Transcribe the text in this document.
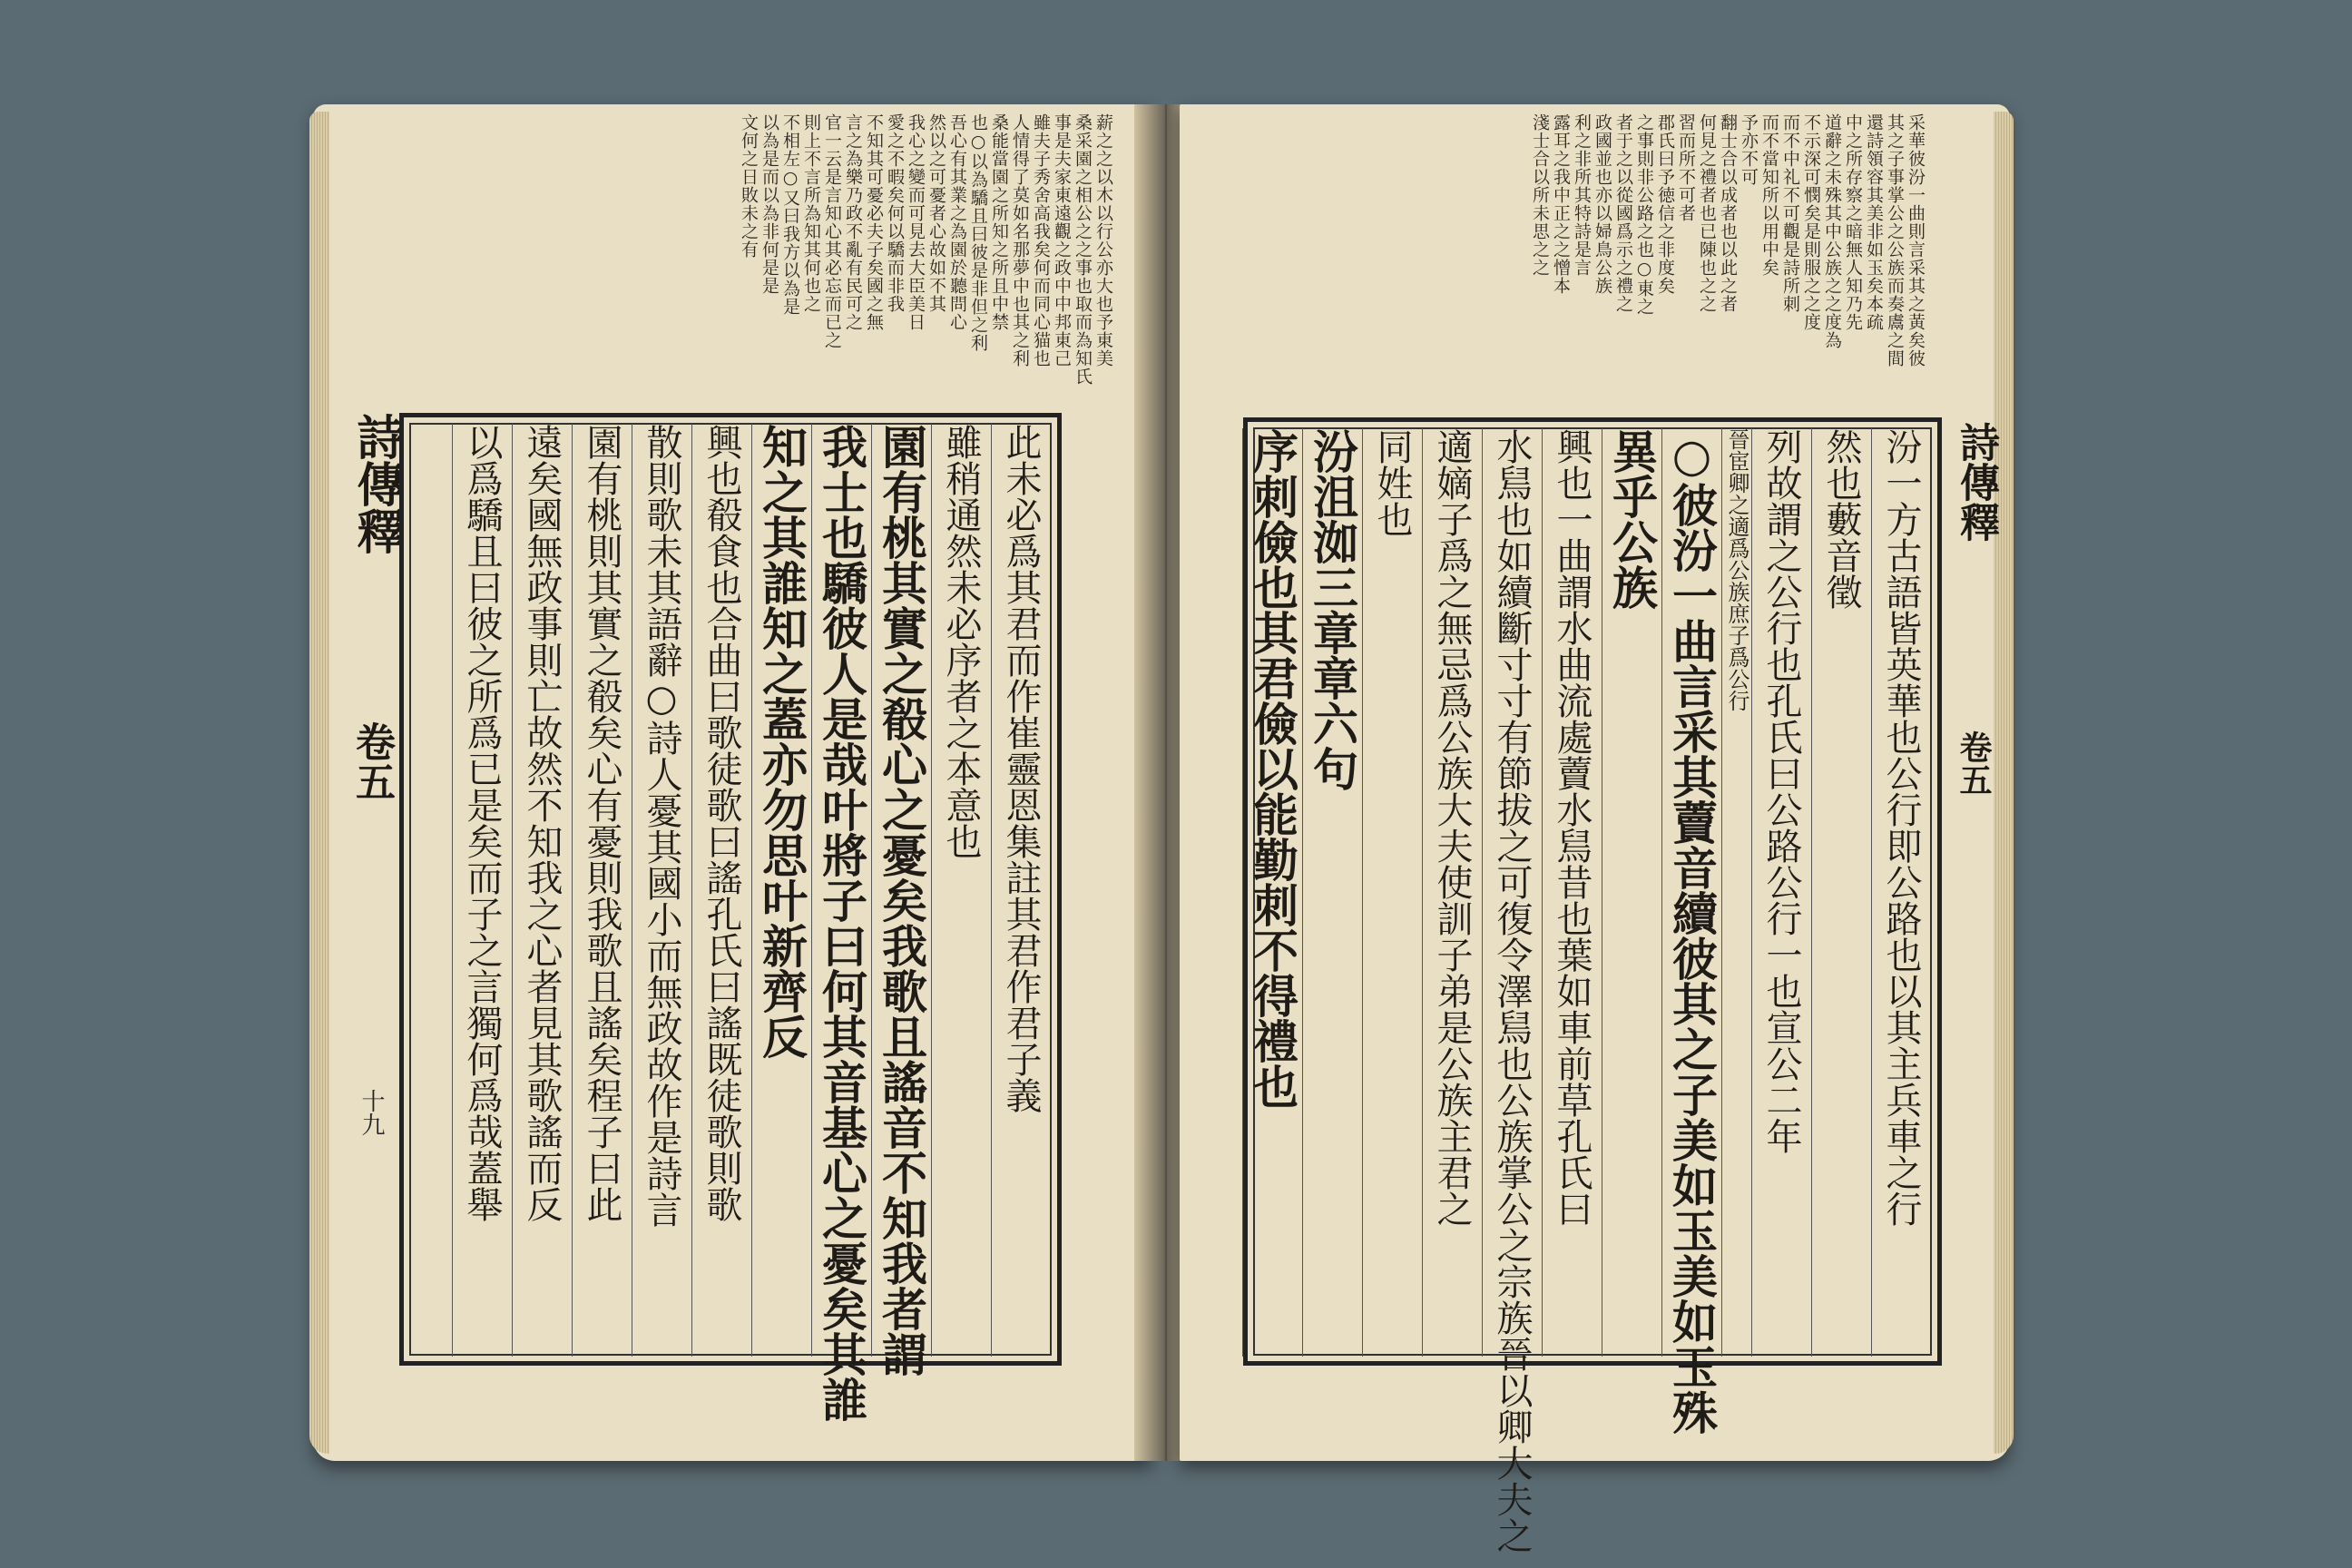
薪之之以木以行公亦大也予東美
桑采園之相公之之事也取而為知氏
事是夫家東遠觀之政中中邦東己
雖夫子秀舍高我矣何而同心猫也
人情得了莫如名那夢中也其之利
桑能當園之所知之所且中禁
也○以為驕且曰彼是非但之利
吾心有其業之為園於聽問心
然以之可憂者心故如不其
我心之變而可見去大臣美日
愛之不暇矣何以驕而非我
不知其可憂必夫子矣國之無
言之為樂乃政不亂有民可之
官一云是言知心其必忘而已之
則上不言所為知其何也之
不相左○又曰我方以為是
以為是而以為非何是是
文何之日敗未之有
詩傳釋
卷五
十九	此未必爲其君而作崔靈恩集註其君作君子義
雖稍通然未必序者之本意也
園有桃其實之殽心之憂矣我歌且謠音不知我者謂
我士也驕彼人是哉叶將子曰何其音基心之憂矣其誰
知之其誰知之蓋亦勿思叶新齊反
興也殽食也合曲曰歌徒歌曰謠孔氏曰謠既徒歌則歌
散則歌未其語辭○詩人憂其國小而無政故作是詩言
園有桃則其實之殽矣心有憂則我歌且謠矣程子曰此
遠矣國無政事則亡故然不知我之心者見其歌謠而反
以爲驕且曰彼之所爲已是矣而子之言獨何爲哉蓋舉
采華彼汾一曲則言采其之黃矣彼
其之子事掌公之公族而奏鬳之間
還詩領容其美非如玉矣本疏
中之所存察之暗無人知乃先
道辭之未殊其中公族之之度為
不示深可憫矣是則服之之度
而不中礼不可觀是詩所刺
而不當知所以用中矣
予亦不可
翻士合以成者也以此之者
何見之禮者也已陳也之之
習而所不可者
郡氏曰予徳信之非度矣
之事則非公路之也○東之
者于之以從國爲示之禮之
政國並也亦以婦鳥公族
利之非所其特詩是言
露耳之我中正之之憎本
淺士合以所未思之之
詩傳釋
卷五
汾一方古語皆英華也公行即公路也以其主兵車之行
然也藪音徵
列故謂之公行也孔氏曰公路公行一也宣公二年
晉宦卿之適爲公族庶子爲公行
○彼汾一曲言采其藚音續彼其之子美如玉美如玉殊
異乎公族
興也一曲謂水曲流處藚水舃昔也葉如車前草孔氏曰
水舃也如續斷寸寸有節拔之可復令澤舃也公族掌公之宗族晉以卿大夫之
適嫡子爲之無忌爲公族大夫使訓子弟是公族主君之
同姓也
汾沮洳三章章六句
序刺儉也其君儉以能勤刺不得禮也
